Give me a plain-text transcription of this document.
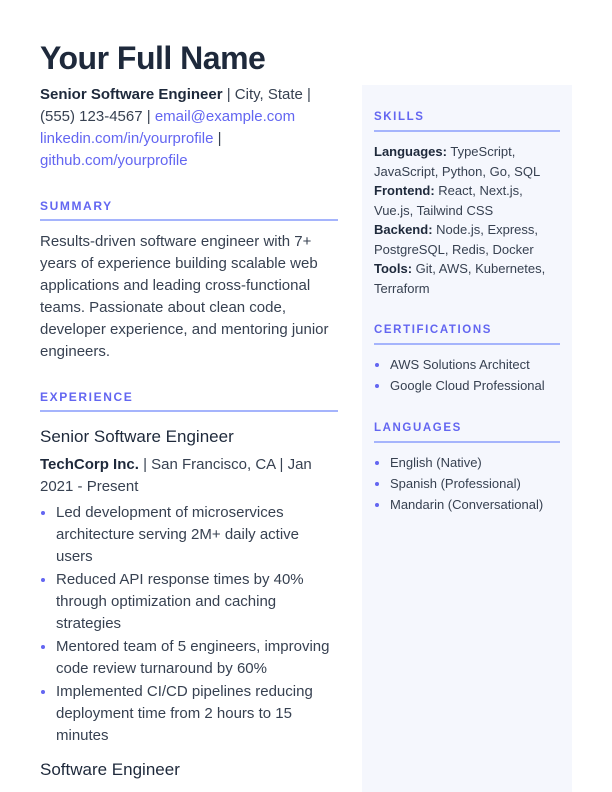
Your Full Name
Senior Software Engineer | City, State |
(555) 123-4567 | email@example.com
linkedin.com/in/yourprofile |
github.com/yourprofile
SUMMARY
Results-driven software engineer with 7+ years of experience building scalable web applications and leading cross-functional teams. Passionate about clean code, developer experience, and mentoring junior engineers.
EXPERIENCE
Senior Software Engineer
TechCorp Inc. | San Francisco, CA | Jan 2021 - Present
Led development of microservices architecture serving 2M+ daily active users
Reduced API response times by 40% through optimization and caching strategies
Mentored team of 5 engineers, improving code review turnaround by 60%
Implemented CI/CD pipelines reducing deployment time from 2 hours to 15 minutes
Software Engineer
SKILLS
Languages: TypeScript, JavaScript, Python, Go, SQL
Frontend: React, Next.js, Vue.js, Tailwind CSS
Backend: Node.js, Express, PostgreSQL, Redis, Docker
Tools: Git, AWS, Kubernetes, Terraform
CERTIFICATIONS
AWS Solutions Architect
Google Cloud Professional
LANGUAGES
English (Native)
Spanish (Professional)
Mandarin (Conversational)
